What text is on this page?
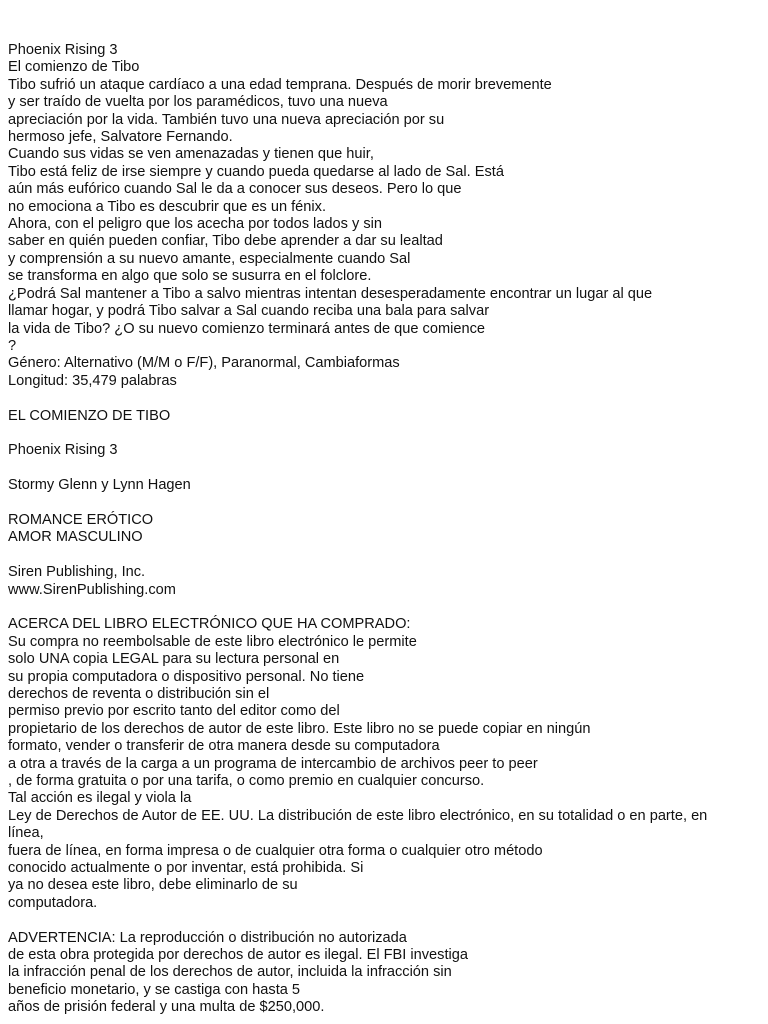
Phoenix Rising 3
El comienzo de Tibo
Tibo sufrió un ataque cardíaco a una edad temprana. Después de morir brevemente
y ser traído de vuelta por los paramédicos, tuvo una nueva
apreciación por la vida. También tuvo una nueva apreciación por su
hermoso jefe, Salvatore Fernando.
Cuando sus vidas se ven amenazadas y tienen que huir,
Tibo está feliz de irse siempre y cuando pueda quedarse al lado de Sal. Está
aún más eufórico cuando Sal le da a conocer sus deseos. Pero lo que
no emociona a Tibo es descubrir que es un fénix.
Ahora, con el peligro que los acecha por todos lados y sin
saber en quién pueden confiar, Tibo debe aprender a dar su lealtad
y comprensión a su nuevo amante, especialmente cuando Sal
se transforma en algo que solo se susurra en el folclore.
¿Podrá Sal mantener a Tibo a salvo mientras intentan desesperadamente encontrar un lugar al que
llamar hogar, y podrá Tibo salvar a Sal cuando reciba una bala para salvar
la vida de Tibo? ¿O su nuevo comienzo terminará antes de que comience
?
Género: Alternativo (M/M o F/F), Paranormal, Cambiaformas
Longitud: 35,479 palabras
EL COMIENZO DE TIBO
Phoenix Rising 3
Stormy Glenn y Lynn Hagen
ROMANCE ERÓTICO
AMOR MASCULINO
Siren Publishing, Inc.
www.SirenPublishing.com
ACERCA DEL LIBRO ELECTRÓNICO QUE HA COMPRADO:
Su compra no reembolsable de este libro electrónico le permite
solo UNA copia LEGAL para su lectura personal en
su propia computadora o dispositivo personal. No tiene
derechos de reventa o distribución sin el
permiso previo por escrito tanto del editor como del
propietario de los derechos de autor de este libro. Este libro no se puede copiar en ningún
formato, vender o transferir de otra manera desde su computadora
a otra a través de la carga a un programa de intercambio de archivos peer to peer
, de forma gratuita o por una tarifa, o como premio en cualquier concurso.
Tal acción es ilegal y viola la
Ley de Derechos de Autor de EE. UU. La distribución de este libro electrónico, en su totalidad o en parte, en
línea,
fuera de línea, en forma impresa o de cualquier otra forma o cualquier otro método
conocido actualmente o por inventar, está prohibida. Si
ya no desea este libro, debe eliminarlo de su
computadora.
ADVERTENCIA: La reproducción o distribución no autorizada
de esta obra protegida por derechos de autor es ilegal. El FBI investiga
la infracción penal de los derechos de autor, incluida la infracción sin
beneficio monetario, y se castiga con hasta 5
años de prisión federal y una multa de $250,000.
